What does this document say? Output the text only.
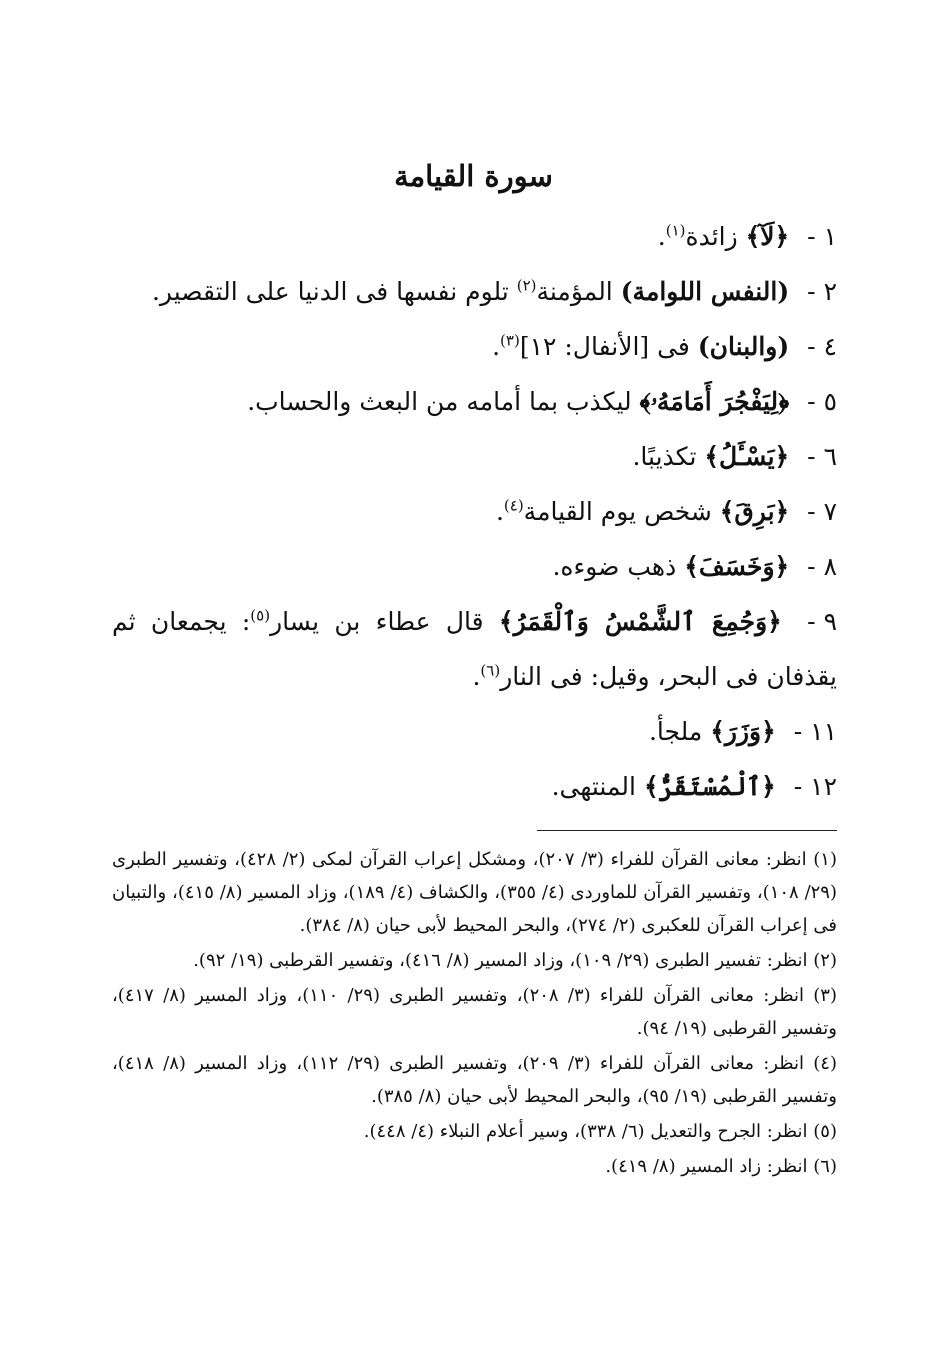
سورة القيامة
١ - ﴿لَآ﴾ زائدة$^{(١)}$.
٢ - (النفس اللوامة) المؤمنة$^{(٢)}$ تلوم نفسها فى الدنيا على التقصير.
٤ - (والبنان) فى [الأنفال: ١٢]$^{(٣)}$.
٥ - ﴿لِيَفْجُرَ أَمَامَهُۥ﴾ ليكذب بما أمامه من البعث والحساب.
٦ - ﴿يَسْـَٔلُ﴾ تكذيبًا.
٧ - ﴿بَرِقَ﴾ شخص يوم القيامة$^{(٤)}$.
٨ - ﴿وَخَسَفَ﴾ ذهب ضوءه.
٩ - ﴿وَجُمِعَ ٱلشَّمْسُ وَٱلْقَمَرُ﴾ قال عطاء بن يسار$^{(٥)}$: يجمعان ثم يقذفان فى البحر، وقيل: فى النار$^{(٦)}$.
١١ - ﴿وَزَرَ﴾ ملجأ.
١٢ - ﴿ٱلْمُسْتَقَرُّ﴾ المنتهى.
(١) انظر: معانى القرآن للفراء (٣/ ٢٠٧)، ومشكل إعراب القرآن لمكى (٢/ ٤٢٨)، وتفسير الطبرى (٢٩/ ١٠٨)، وتفسير القرآن للماوردى (٤/ ٣٥٥)، والكشاف (٤/ ١٨٩)، وزاد المسير (٨/ ٤١٥)، والتبيان فى إعراب القرآن للعكبرى (٢/ ٢٧٤)، والبحر المحيط لأبى حيان (٨/ ٣٨٤).
(٢) انظر: تفسير الطبرى (٢٩/ ١٠٩)، وزاد المسير (٨/ ٤١٦)، وتفسير القرطبى (١٩/ ٩٢).
(٣) انظر: معانى القرآن للفراء (٣/ ٢٠٨)، وتفسير الطبرى (٢٩/ ١١٠)، وزاد المسير (٨/ ٤١٧)، وتفسير القرطبى (١٩/ ٩٤).
(٤) انظر: معانى القرآن للفراء (٣/ ٢٠٩)، وتفسير الطبرى (٢٩/ ١١٢)، وزاد المسير (٨/ ٤١٨)، وتفسير القرطبى (١٩/ ٩٥)، والبحر المحيط لأبى حيان (٨/ ٣٨٥).
(٥) انظر: الجرح والتعديل (٦/ ٣٣٨)، وسير أعلام النبلاء (٤/ ٤٤٨).
(٦) انظر: زاد المسير (٨/ ٤١٩).
